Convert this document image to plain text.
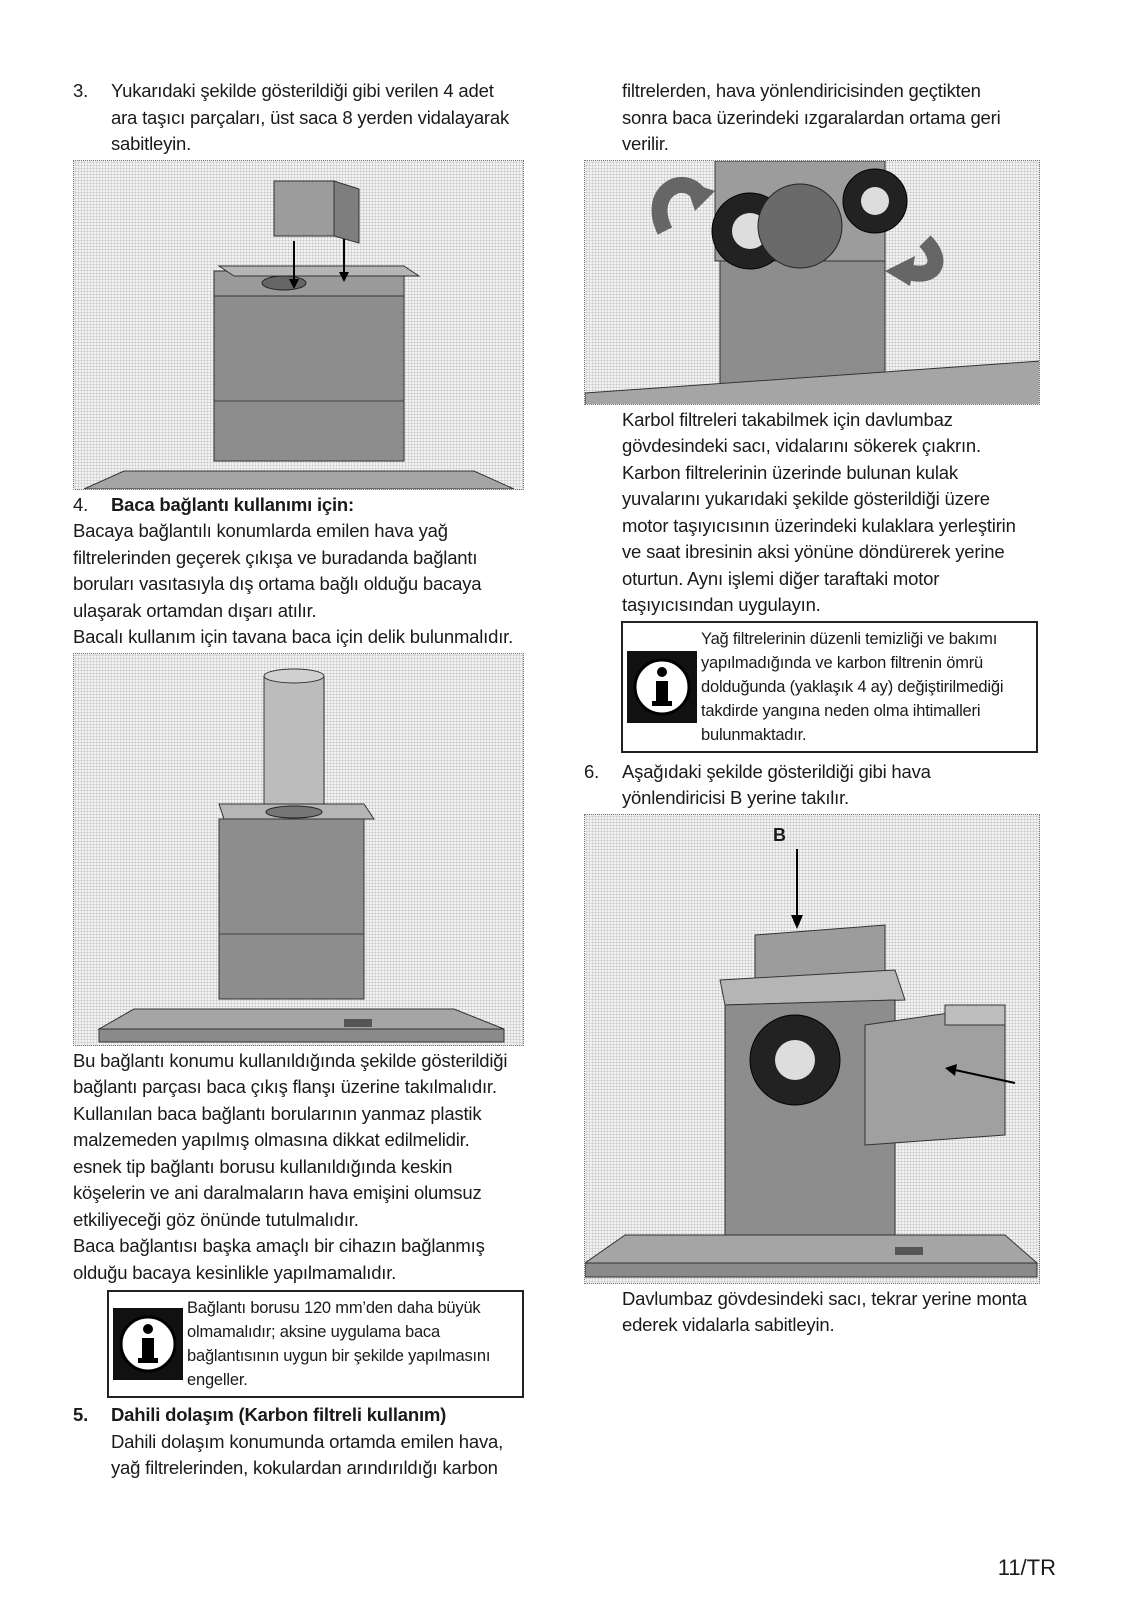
3.	Yukarıdaki şekilde gösterildiği gibi verilen 4 adet
ara taşıcı parçaları, üst saca 8 yerden vidalayarak
sabitleyin.
4.	Baca bağlantı kullanımı için:
Bacaya bağlantılı konumlarda emilen hava yağ
filtrelerinden geçerek çıkışa ve buradanda bağlantı
boruları vasıtasıyla dış ortama bağlı olduğu bacaya
ulaşarak ortamdan dışarı atılır.
Bacalı kullanım için tavana baca için delik bulunmalıdır.
Bu bağlantı konumu kullanıldığında şekilde gösterildiği
bağlantı parçası baca çıkış flanşı üzerine takılmalıdır.
Kullanılan baca bağlantı borularının yanmaz plastik
malzemeden yapılmış olmasına dikkat edilmelidir.
esnek tip bağlantı borusu kullanıldığında keskin
köşelerin ve ani daralmaların hava emişini olumsuz
etkiliyeceği göz önünde tutulmalıdır.
Baca bağlantısı başka amaçlı bir cihazın bağlanmış
olduğu bacaya kesinlikle yapılmamalıdır.
Bağlantı borusu 120 mm’den daha büyük
olmamalıdır; aksine uygulama baca
bağlantısının uygun bir şekilde yapılmasını
engeller.
5.	Dahili dolaşım (Karbon filtreli kullanım)
Dahili dolaşım konumunda ortamda emilen hava,
yağ filtrelerinden, kokulardan arındırıldığı karbon
filtrelerden, hava yönlendiricisinden geçtikten
sonra baca üzerindeki ızgaralardan ortama geri
verilir.
Karbol filtreleri takabilmek için davlumbaz
gövdesindeki sacı, vidalarını sökerek çıakrın.
Karbon filtrelerinin üzerinde bulunan kulak
yuvalarını yukarıdaki şekilde gösterildiği üzere
motor taşıyıcısının üzerindeki kulaklara yerleştirin
ve saat ibresinin aksi yönüne döndürerek yerine
oturtun. Aynı işlemi diğer taraftaki motor
taşıyıcısından uygulayın.
Yağ filtrelerinin düzenli temizliği ve bakımı
yapılmadığında ve karbon filtrenin ömrü
dolduğunda (yaklaşık 4 ay) değiştirilmediği
takdirde yangına neden olma ihtimalleri
bulunmaktadır.
6.	Aşağıdaki şekilde gösterildiği gibi hava
yönlendiricisi B yerine takılır.
B
Davlumbaz gövdesindeki sacı, tekrar yerine monta
ederek vidalarla sabitleyin.
11/TR
